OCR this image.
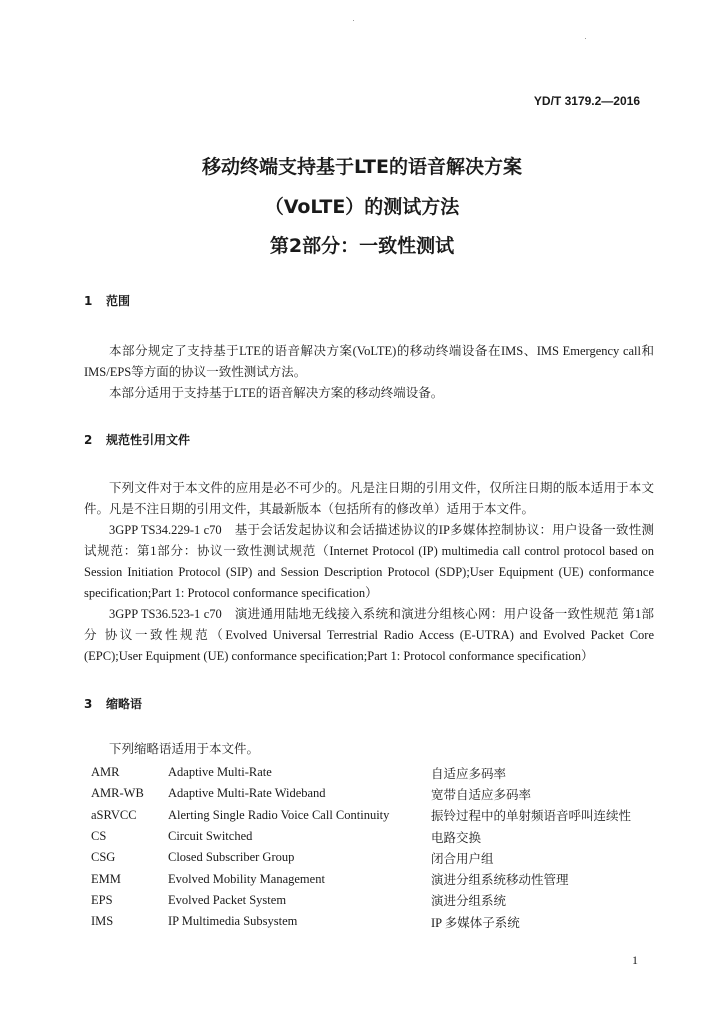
YD/T 3179.2—2016
移动终端支持基于LTE的语音解决方案
（VoLTE）的测试方法
第2部分：一致性测试
1 范围

本部分规定了支持基于LTE的语音解决方案(VoLTE)的移动终端设备在IMS、IMS Emergency call和IMS/EPS等方面的协议一致性测试方法。

本部分适用于支持基于LTE的语音解决方案的移动终端设备。

2 规范性引用文件

下列文件对于本文件的应用是必不可少的。凡是注日期的引用文件，仅所注日期的版本适用于本文件。凡是不注日期的引用文件，其最新版本（包括所有的修改单）适用于本文件。

3GPP TS34.229-1 c70　基于会话发起协议和会话描述协议的IP多媒体控制协议：用户设备一致性测试规范：第1部分：协议一致性测试规范（Internet Protocol (IP) multimedia call control protocol based on Session Initiation Protocol (SIP) and Session Description Protocol (SDP);User Equipment (UE) conformance specification;Part 1: Protocol conformance specification）

3GPP TS36.523-1 c70　演进通用陆地无线接入系统和演进分组核心网：用户设备一致性规范 第1部分 协议一致性规范（Evolved Universal Terrestrial Radio Access (E-UTRA) and Evolved Packet Core (EPC);User Equipment (UE) conformance specification;Part 1: Protocol conformance specification）

3 缩略语
下列缩略语适用于本文件。
AMR	Adaptive Multi-Rate	自适应多码率
AMR-WB	Adaptive Multi-Rate Wideband	宽带自适应多码率
aSRVCC	Alerting Single Radio Voice Call Continuity	振铃过程中的单射频语音呼叫连续性
CS	Circuit Switched	电路交换
CSG	Closed Subscriber Group	闭合用户组
EMM	Evolved Mobility Management	演进分组系统移动性管理
EPS	Evolved Packet System	演进分组系统
IMS	IP Multimedia Subsystem	IP 多媒体子系统
1
